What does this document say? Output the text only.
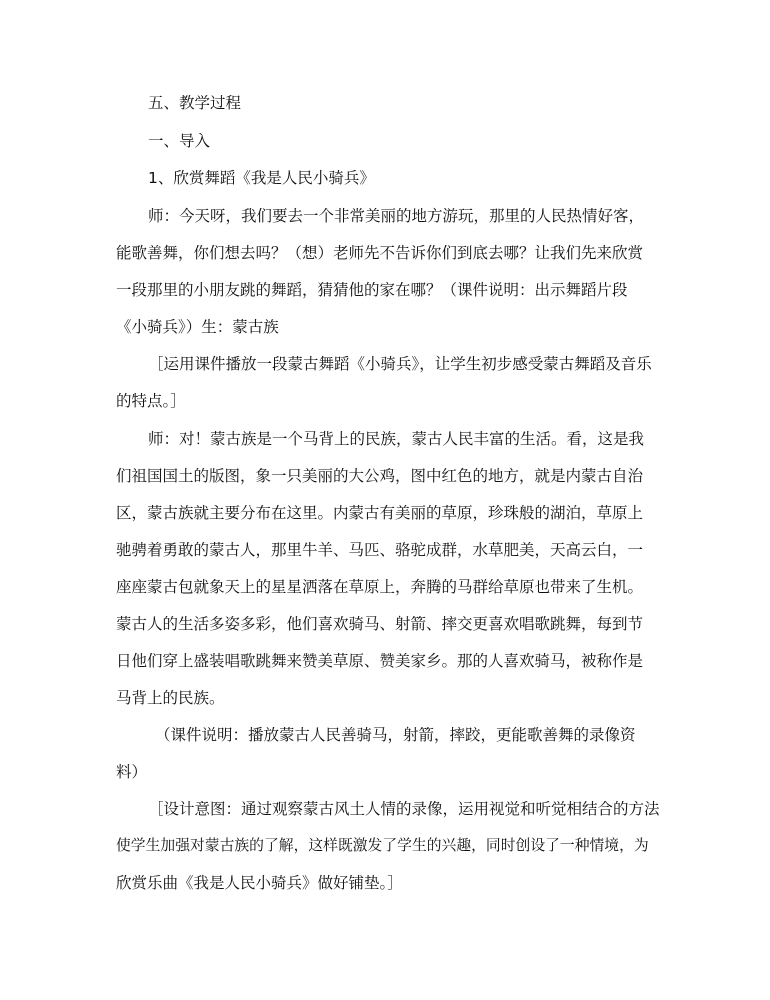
五、教学过程
一、导入
1、欣赏舞蹈《我是人民小骑兵》
师：今天呀，我们要去一个非常美丽的地方游玩，那里的人民热情好客，
能歌善舞，你们想去吗？（想）老师先不告诉你们到底去哪？让我们先来欣赏
一段那里的小朋友跳的舞蹈，猜猜他的家在哪？（课件说明：出示舞蹈片段
《小骑兵》）生：蒙古族
［运用课件播放一段蒙古舞蹈《小骑兵》，让学生初步感受蒙古舞蹈及音乐
的特点。］
师：对！蒙古族是一个马背上的民族，蒙古人民丰富的生活。看，这是我
们祖国国土的版图，象一只美丽的大公鸡，图中红色的地方，就是内蒙古自治
区，蒙古族就主要分布在这里。内蒙古有美丽的草原，珍珠般的湖泊，草原上
驰骋着勇敢的蒙古人，那里牛羊、马匹、骆驼成群，水草肥美，天高云白，一
座座蒙古包就象天上的星星洒落在草原上，奔腾的马群给草原也带来了生机。
蒙古人的生活多姿多彩，他们喜欢骑马、射箭、摔交更喜欢唱歌跳舞，每到节
日他们穿上盛装唱歌跳舞来赞美草原、赞美家乡。那的人喜欢骑马，被称作是
马背上的民族。
（课件说明：播放蒙古人民善骑马，射箭，摔跤，更能歌善舞的录像资
料）
［设计意图：通过观察蒙古风土人情的录像，运用视觉和听觉相结合的方法
使学生加强对蒙古族的了解，这样既激发了学生的兴趣，同时创设了一种情境，为
欣赏乐曲《我是人民小骑兵》做好铺垫。］
